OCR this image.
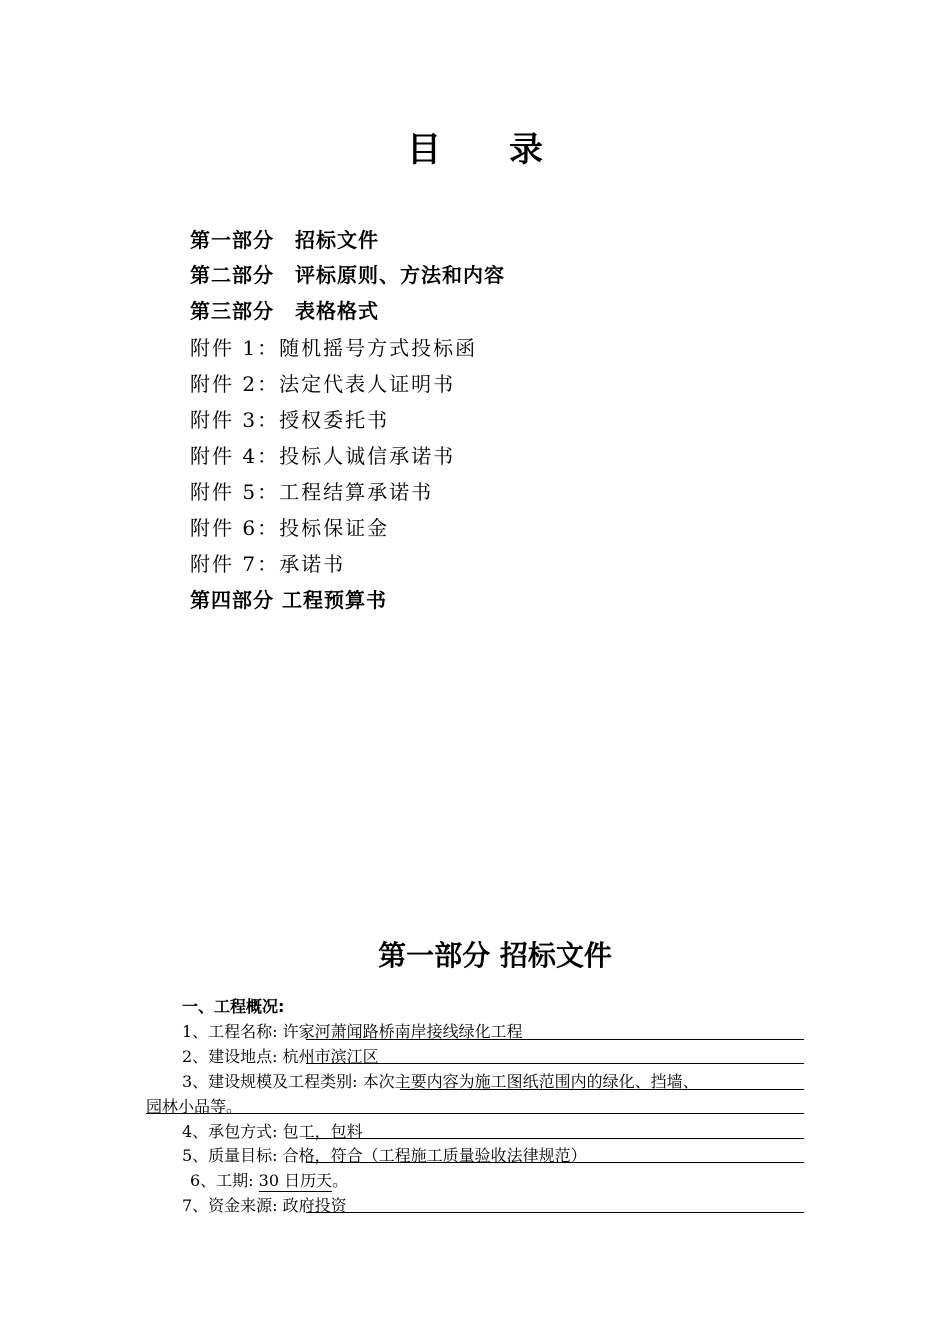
目录
第一部分　招标文件
第二部分　评标原则、方法和内容
第三部分　表格格式
附件 1：随机摇号方式投标函
附件 2：法定代表人证明书
附件 3：授权委托书
附件 4：投标人诚信承诺书
附件 5：工程结算承诺书
附件 6：投标保证金
附件 7：承诺书
第四部分 工程预算书
第一部分 招标文件
一、工程概况:
1、工程名称: 许家河萧闻路桥南岸接线绿化工程
2、建设地点: 杭州市滨江区
3、建设规模及工程类别: 本次主要内容为施工图纸范围内的绿化、挡墙、
园林小品等。
4、承包方式: 包工，包料
5、质量目标: 合格，符合（工程施工质量验收法律规范）
6、工期: 30 日历天。
7、资金来源: 政府投资
